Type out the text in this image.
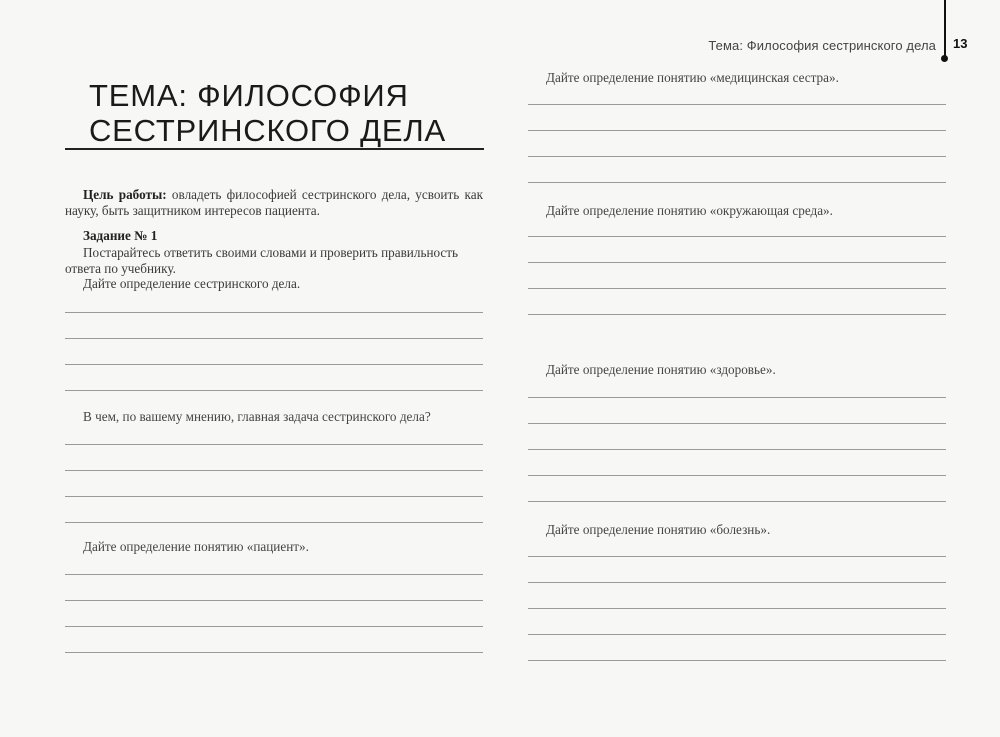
Тема: Философия сестринского дела 13
ТЕМА: ФИЛОСОФИЯ
СЕСТРИНСКОГО ДЕЛА
Цель работы: овладеть философией сестринского дела, усвоить как науку, быть защитником интересов пациента.
Задание № 1
Постарайтесь ответить своими словами и проверить правильность ответа по учебнику.
Дайте определение сестринского дела.
В чем, по вашему мнению, главная задача сестринского дела?
Дайте определение понятию «пациент».
Дайте определение понятию «медицинская сестра».
Дайте определение понятию «окружающая среда».
Дайте определение понятию «здоровье».
Дайте определение понятию «болезнь».
